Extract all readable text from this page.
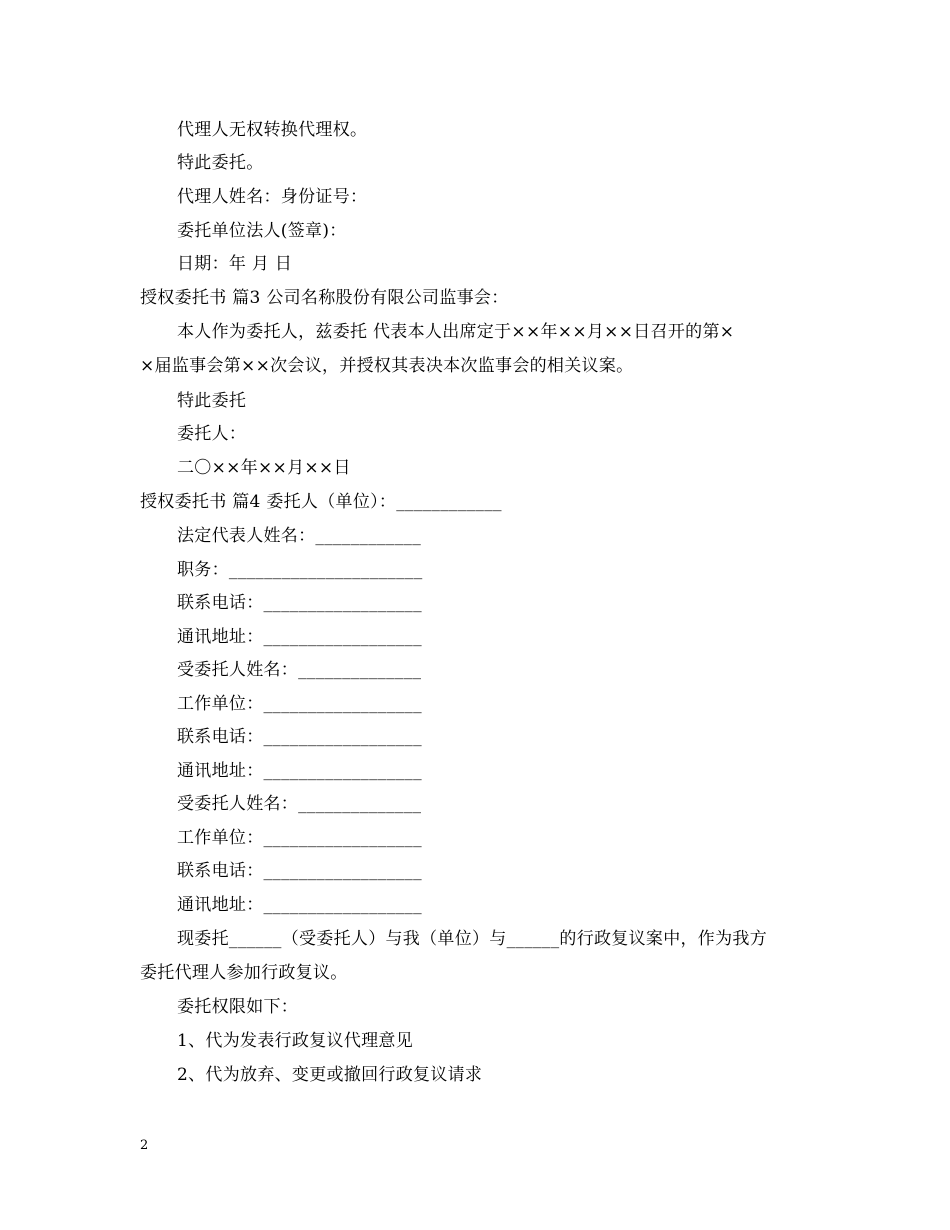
代理人无权转换代理权。
特此委托。
代理人姓名：身份证号：
委托单位法人(签章)：
日期：年 月 日
授权委托书 篇3 公司名称股份有限公司监事会：
本人作为委托人，兹委托 代表本人出席定于××年××月××日召开的第×
×届监事会第××次会议，并授权其表决本次监事会的相关议案。
特此委托
委托人：
二〇××年××月××日
授权委托书 篇4 委托人（单位）：____________
法定代表人姓名：____________
职务：______________________
联系电话：__________________
通讯地址：__________________
受委托人姓名：______________
工作单位：__________________
联系电话：__________________
通讯地址：__________________
受委托人姓名：______________
工作单位：__________________
联系电话：__________________
通讯地址：__________________
现委托______（受委托人）与我（单位）与______的行政复议案中，作为我方
委托代理人参加行政复议。
委托权限如下：
1、代为发表行政复议代理意见
2、代为放弃、变更或撤回行政复议请求
2
